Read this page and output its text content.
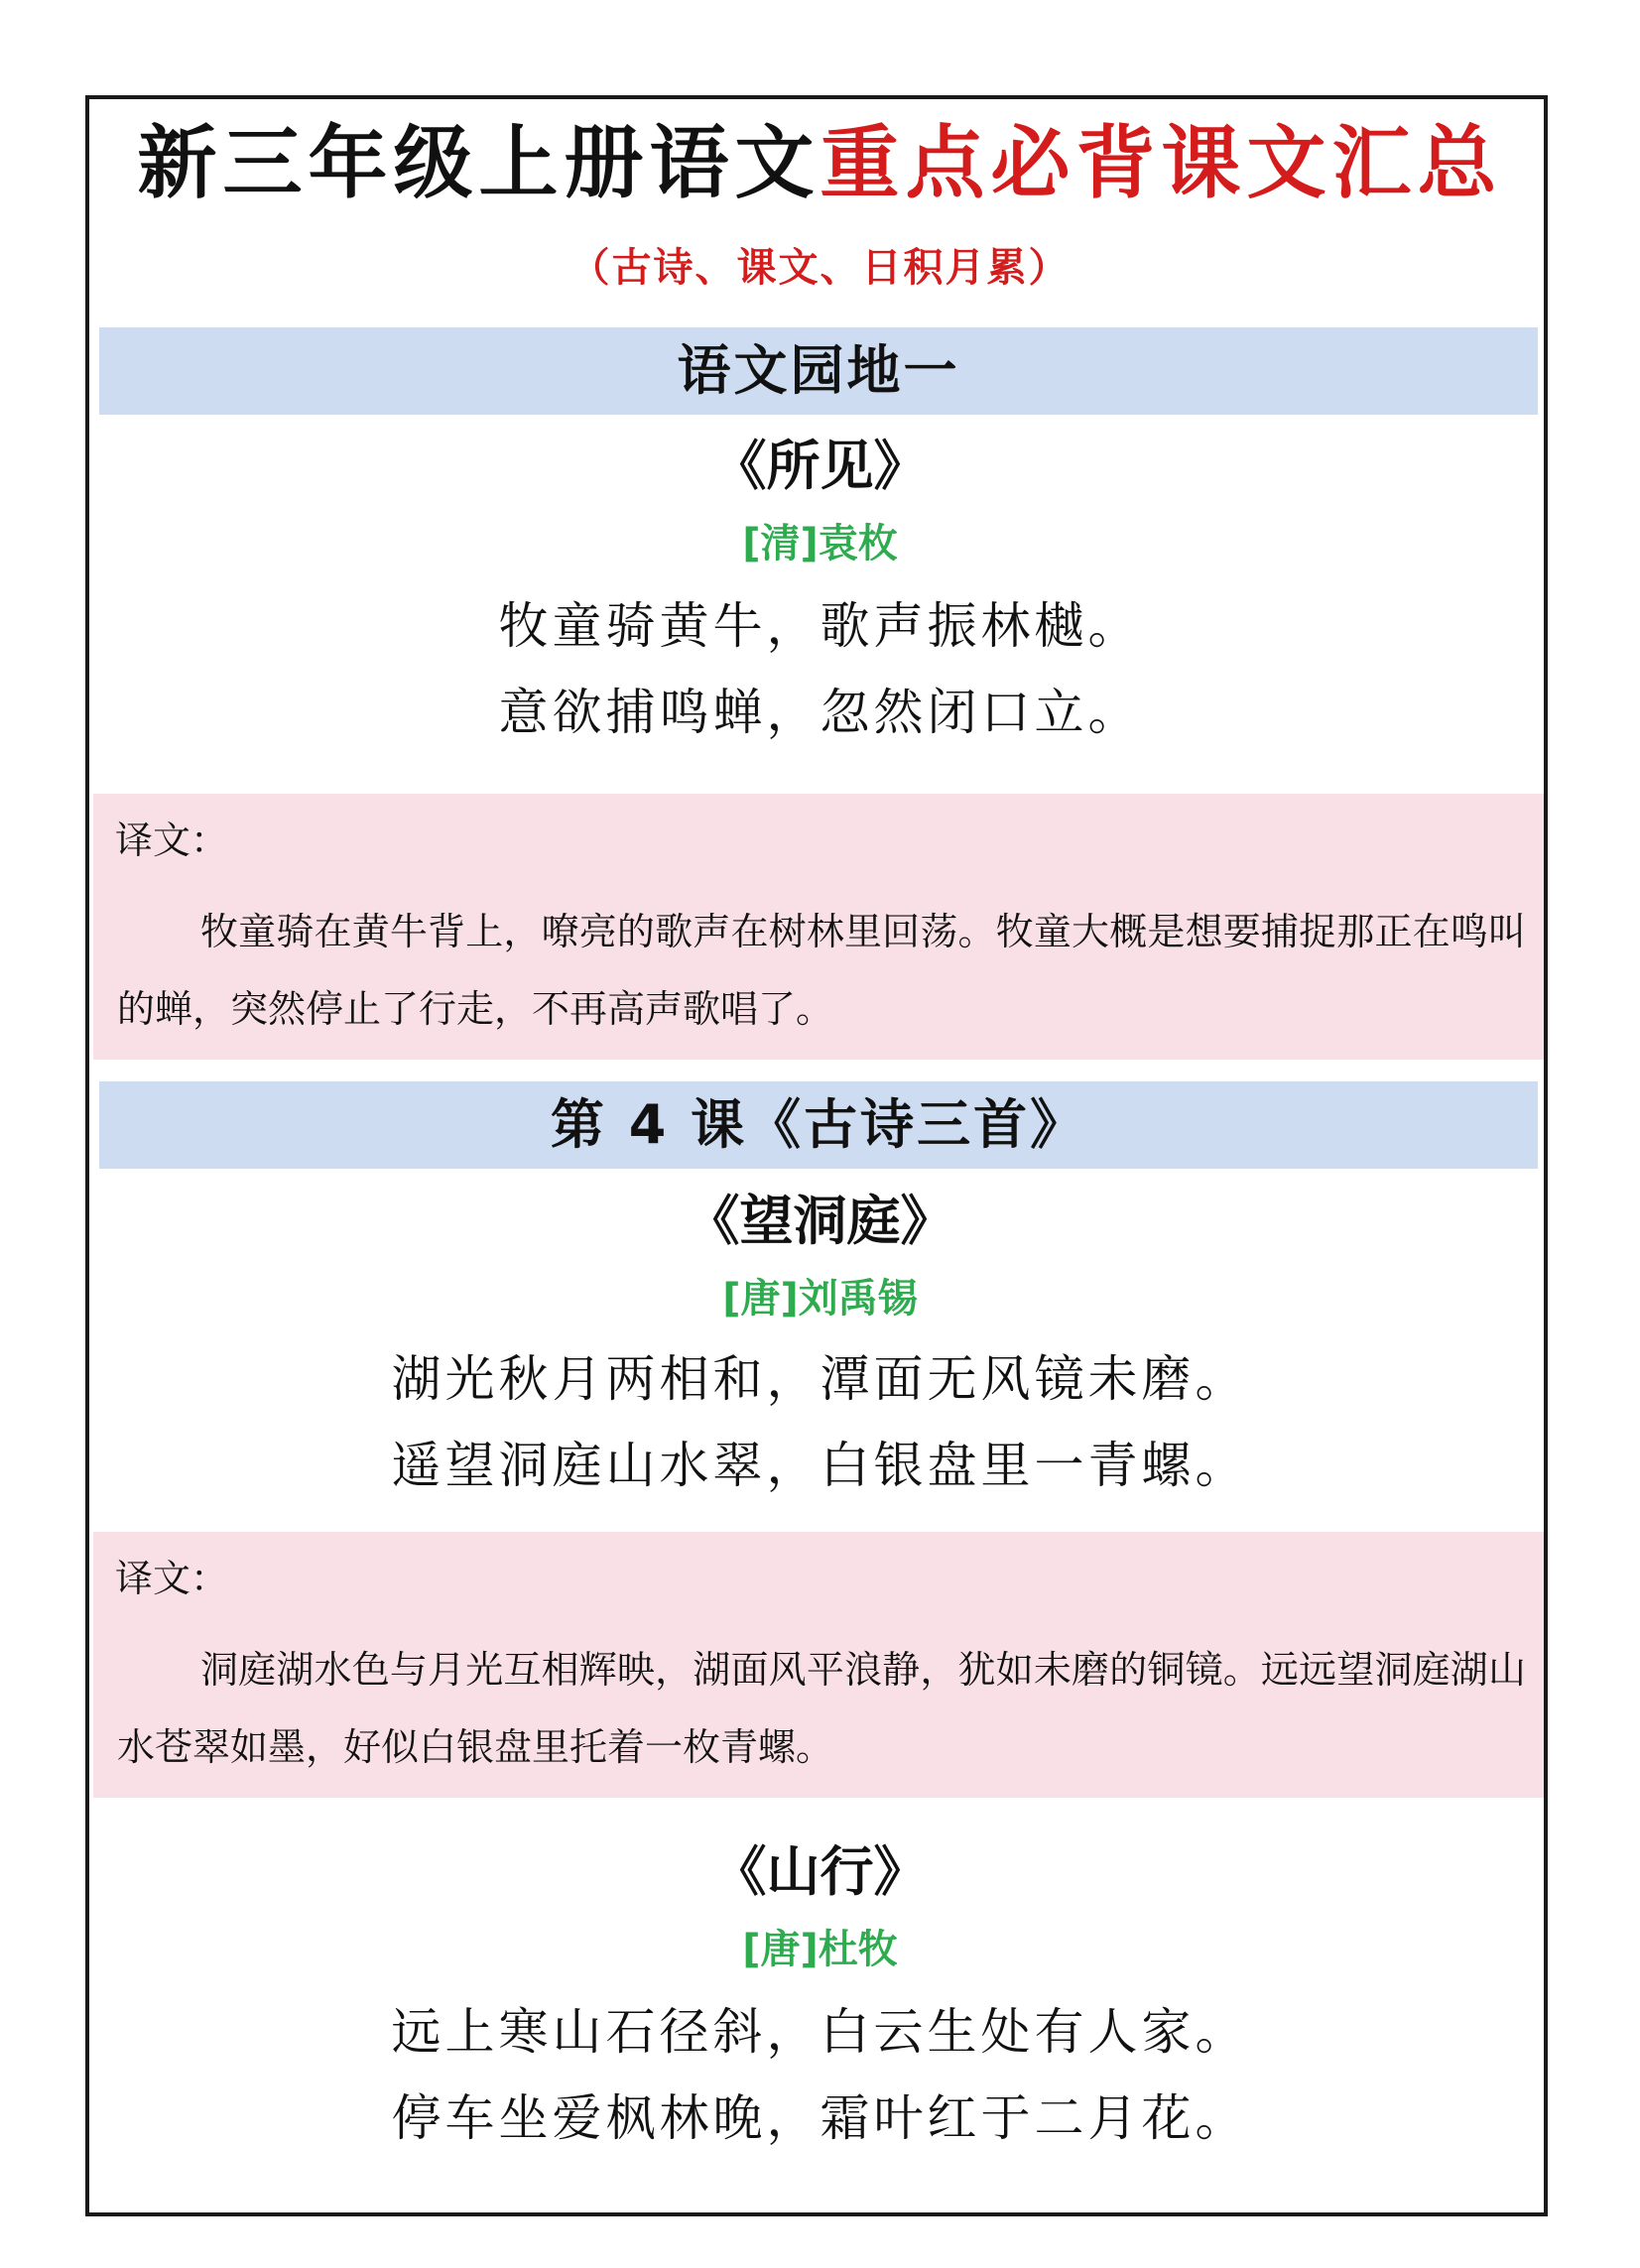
新三年级上册语文重点必背课文汇总
（古诗、课文、日积月累）
语文园地一
《所见》
[清]袁枚
牧童骑黄牛，歌声振林樾。
意欲捕鸣蝉，忽然闭口立。
译文：
牧童骑在黄牛背上，嘹亮的歌声在树林里回荡。牧童大概是想要捕捉那正在鸣叫的蝉，突然停止了行走，不再高声歌唱了。
第 4 课《古诗三首》
《望洞庭》
[唐]刘禹锡
湖光秋月两相和，潭面无风镜未磨。
遥望洞庭山水翠，白银盘里一青螺。
译文：
洞庭湖水色与月光互相辉映，湖面风平浪静，犹如未磨的铜镜。远远望洞庭湖山水苍翠如墨，好似白银盘里托着一枚青螺。
《山行》
[唐]杜牧
远上寒山石径斜，白云生处有人家。
停车坐爱枫林晚，霜叶红于二月花。
